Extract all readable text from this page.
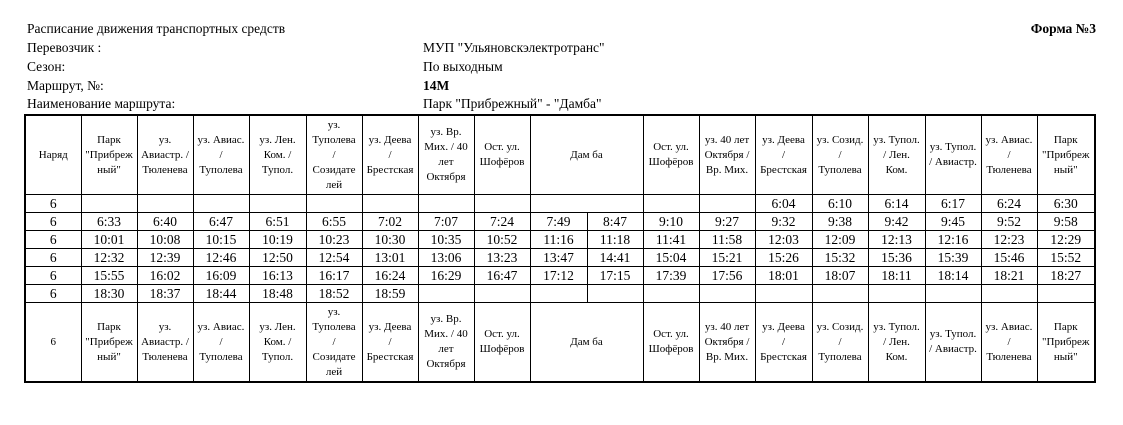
Расписание движения транспортных средств	Форма №3
Перевозчик :	МУП "Ульяновскэлектротранс"
Сезон:	По выходным
Маршрут, №:	14М
Наименование маршрута:	Парк "Прибрежный" - "Дамба"
Наряд	Парк
"Прибреж
ный"	уз.
Авиастр. /
Тюленева	уз. Авиас.
/
Туполева	уз. Лен.
Ком. /
Тупол.	уз.
Туполева
/
Созидате
лей	уз. Деева
/
Брестская	уз. Вр.
Мих. / 40
лет
Октября	Ост. ул.
Шофёров	Дам ба		Ост. ул.
Шофёров	уз. 40 лет
Октября /
Вр. Мих.	уз. Деева
/
Брестская	уз. Созид.
/
Туполева	уз. Тупол.
/ Лен.
Ком.	уз. Тупол.
/ Авиастр.	уз. Авиас.
/
Тюленева	Парк
"Прибреж
ный"

6													6:04	6:10	6:14	6:17	6:24	6:30
6	6:33	6:40	6:47	6:51	6:55	7:02	7:07	7:24	7:49	8:47	9:10	9:27	9:32	9:38	9:42	9:45	9:52	9:58
6	10:01	10:08	10:15	10:19	10:23	10:30	10:35	10:52	11:16	11:18	11:41	11:58	12:03	12:09	12:13	12:16	12:23	12:29
6	12:32	12:39	12:46	12:50	12:54	13:01	13:06	13:23	13:47	14:41	15:04	15:21	15:26	15:32	15:36	15:39	15:46	15:52
6	15:55	16:02	16:09	16:13	16:17	16:24	16:29	16:47	17:12	17:15	17:39	17:56	18:01	18:07	18:11	18:14	18:21	18:27
6	18:30	18:37	18:44	18:48	18:52	18:59												
6	Парк
"Прибреж
ный"	уз.
Авиастр. /
Тюленева	уз. Авиас.
/
Туполева	уз. Лен.
Ком. /
Тупол.	уз.
Туполева
/
Созидате
лей	уз. Деева
/
Брестская	уз. Вр.
Мих. / 40
лет
Октября	Ост. ул.
Шофёров	Дам ба		Ост. ул.
Шофёров	уз. 40 лет
Октября /
Вр. Мих.	уз. Деева
/
Брестская	уз. Созид.
/
Туполева	уз. Тупол.
/ Лен.
Ком.	уз. Тупол.
/ Авиастр.	уз. Авиас.
/
Тюленева	Парк
"Прибреж
ный"
